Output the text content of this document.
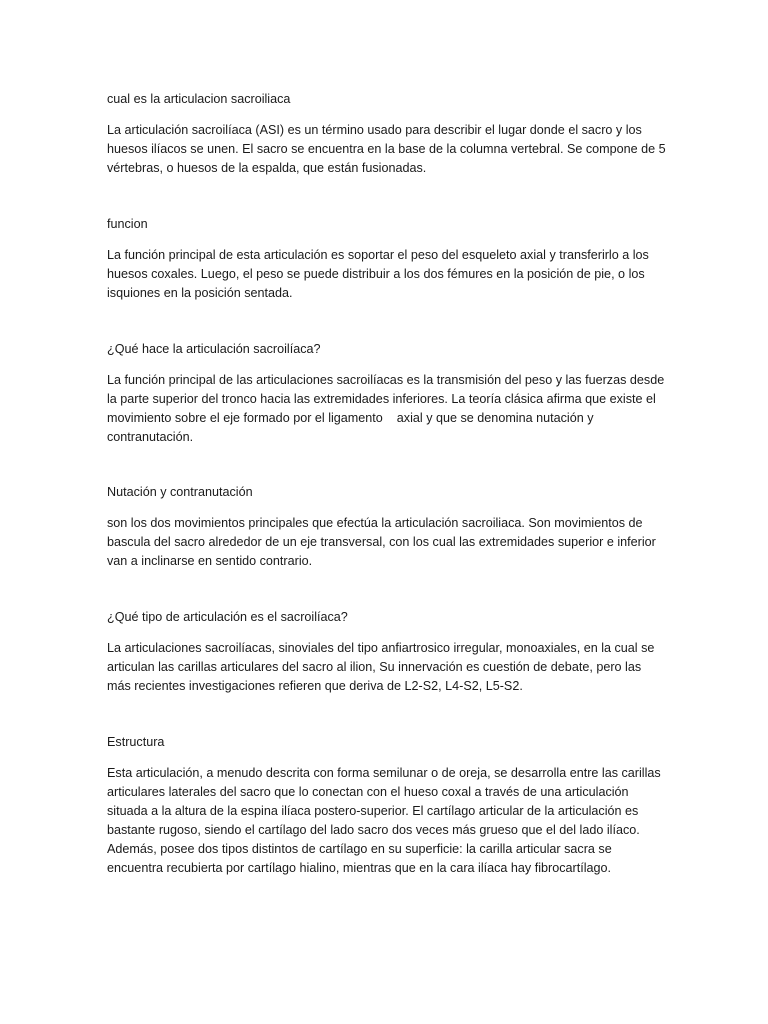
cual es la articulacion sacroiliaca

La articulación sacroilíaca (ASI) es un término usado para describir el lugar donde el sacro y los huesos ilíacos se unen. El sacro se encuentra en la base de la columna vertebral. Se compone de 5 vértebras, o huesos de la espalda, que están fusionadas.

funcion

La función principal de esta articulación es soportar el peso del esqueleto axial y transferirlo a los huesos coxales. Luego, el peso se puede distribuir a los dos fémures en la posición de pie, o los isquiones en la posición sentada.

¿Qué hace la articulación sacroilíaca?

La función principal de las articulaciones sacroilíacas es la transmisión del peso y las fuerzas desde la parte superior del tronco hacia las extremidades inferiores. La teoría clásica afirma que existe el movimiento sobre el eje formado por el ligamento    axial y que se denomina nutación y contranutación.

Nutación y contranutación

son los dos movimientos principales que efectúa la articulación sacroiliaca. Son movimientos de bascula del sacro alrededor de un eje transversal, con los cual las extremidades superior e inferior van a inclinarse en sentido contrario.

¿Qué tipo de articulación es el sacroilíaca?

La articulaciones sacroilíacas, sinoviales del tipo anfiartrosico irregular, monoaxiales, en la cual se articulan las carillas articulares del sacro al ilion, Su innervación es cuestión de debate, pero las más recientes investigaciones refieren que deriva de L2-S2, L4-S2, L5-S2.

Estructura

Esta articulación, a menudo descrita con forma semilunar o de oreja, se desarrolla entre las carillas articulares laterales del sacro que lo conectan con el hueso coxal a través de una articulación situada a la altura de la espina ilíaca postero-superior. El cartílago articular de la articulación es bastante rugoso, siendo el cartílago del lado sacro dos veces más grueso que el del lado ilíaco. Además, posee dos tipos distintos de cartílago en su superficie: la carilla articular sacra se encuentra recubierta por cartílago hialino, mientras que en la cara ilíaca hay fibrocartílago.
